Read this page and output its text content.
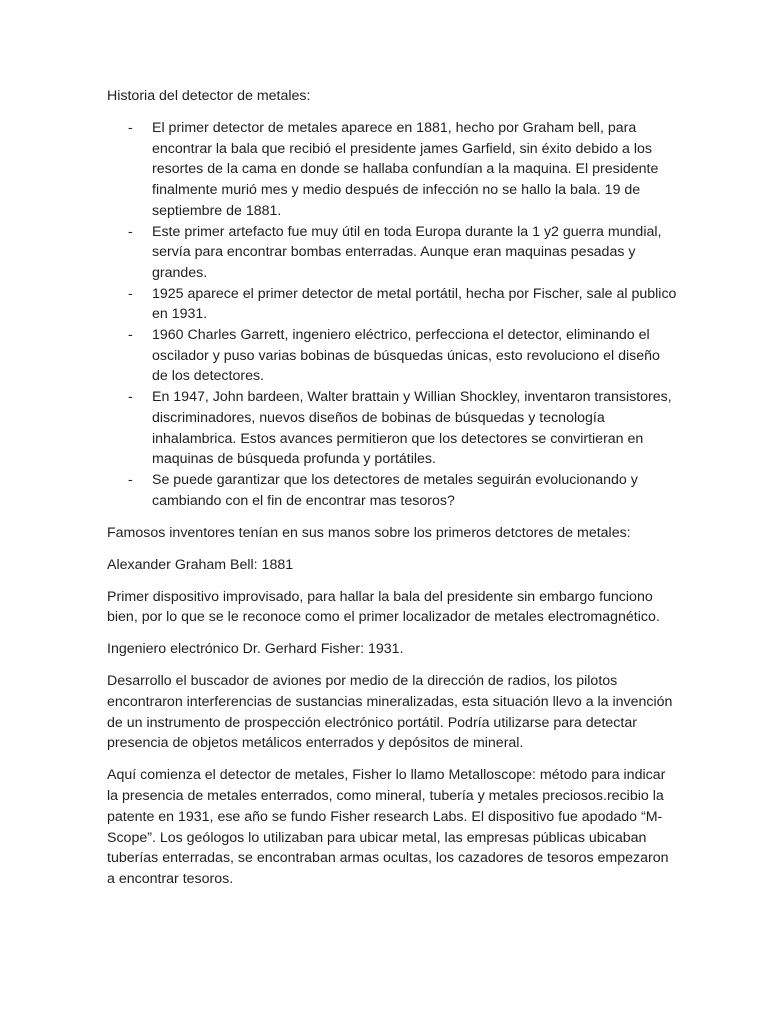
Historia del detector de metales:

- El primer detector de metales aparece en 1881, hecho por Graham bell, para encontrar la bala que recibió el presidente james Garfield, sin éxito debido a los resortes de la cama en donde se hallaba confundían a la maquina. El presidente finalmente murió mes y medio después de infección no se hallo la bala. 19 de septiembre de 1881.
- Este primer artefacto fue muy útil en toda Europa durante la 1 y2 guerra mundial, servía para encontrar bombas enterradas. Aunque eran maquinas pesadas y grandes.
- 1925 aparece el primer detector de metal portátil, hecha por Fischer, sale al publico en 1931.
- 1960 Charles Garrett, ingeniero eléctrico, perfecciona el detector, eliminando el oscilador y puso varias bobinas de búsquedas únicas, esto revoluciono el diseño de los detectores.
- En 1947, John bardeen, Walter brattain y Willian Shockley, inventaron transistores, discriminadores, nuevos diseños de bobinas de búsquedas y tecnología inhalambrica. Estos avances permitieron que los detectores se convirtieran en maquinas de búsqueda profunda y portátiles.
- Se puede garantizar que los detectores de metales seguirán evolucionando y cambiando con el fin de encontrar mas tesoros?

Famosos inventores tenían en sus manos sobre los primeros detctores de metales:

Alexander Graham Bell: 1881

Primer dispositivo improvisado, para hallar la bala del presidente sin embargo funciono bien, por lo que se le reconoce como el primer localizador de metales electromagnético.

Ingeniero electrónico Dr. Gerhard Fisher: 1931.

Desarrollo el buscador de aviones por medio de la dirección de radios, los pilotos encontraron interferencias de sustancias mineralizadas, esta situación llevo a la invención de un instrumento de prospección electrónico portátil. Podría utilizarse para detectar presencia de objetos metálicos enterrados y depósitos de mineral.

Aquí comienza el detector de metales, Fisher lo llamo Metallоscope: método para indicar la presencia de metales enterrados, como mineral, tubería y metales preciosos.recibio la patente en 1931, ese año se fundo Fisher research Labs. El dispositivo fue apodado “M-Scope”. Los geólogos lo utilizaban para ubicar metal, las empresas públicas ubicaban tuberías enterradas, se encontraban armas ocultas, los cazadores de tesoros empezaron a encontrar tesoros.
